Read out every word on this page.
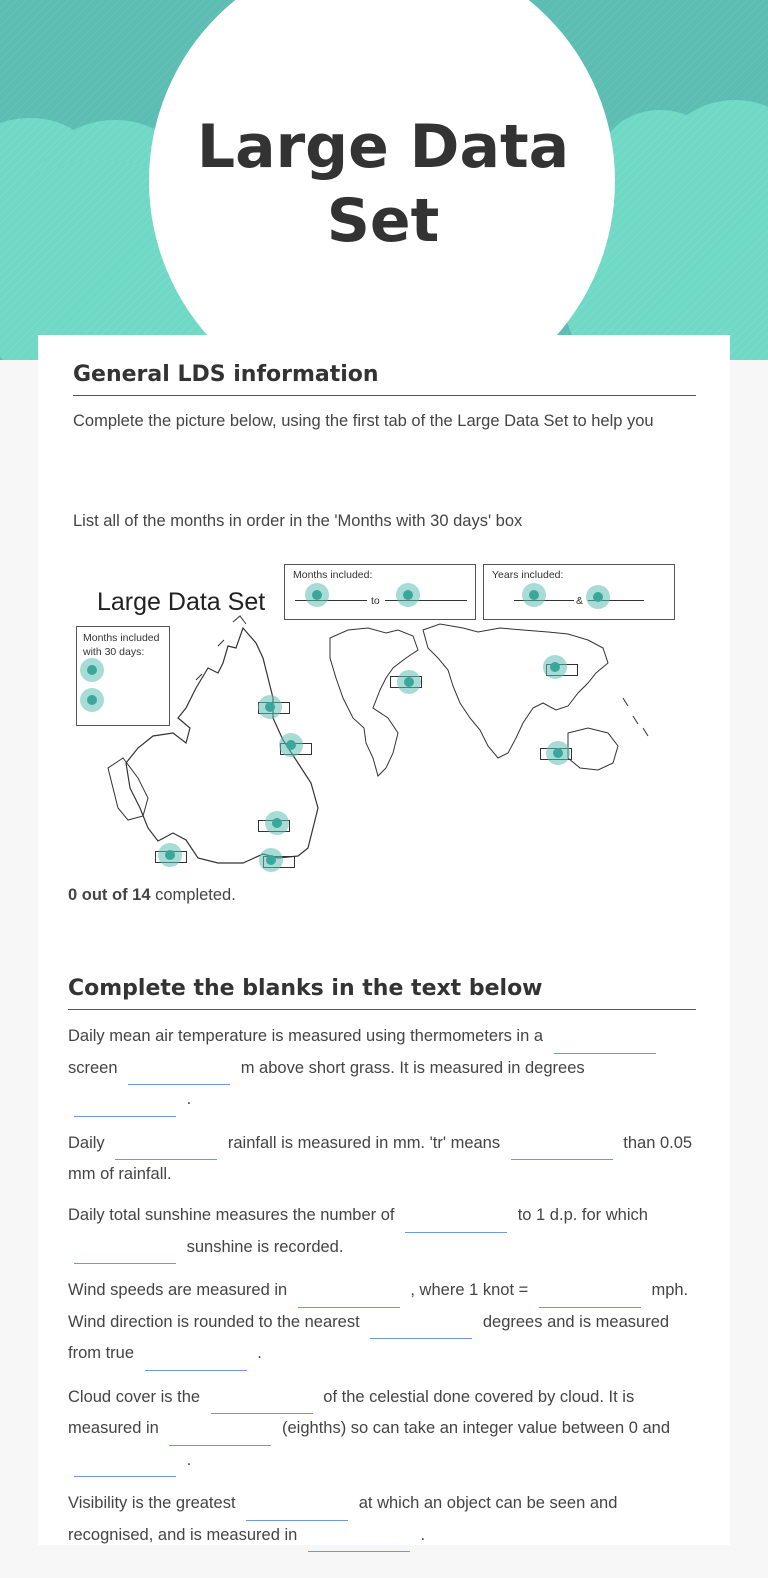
Large Data Set
General LDS information

Complete the picture below, using the first tab of the Large Data Set to help you

List all of the months in order in the 'Months with 30 days' box

Large Data Set
Months included:
to
Years included:
&
Months included
with 30 days:

0 out of 14 completed.

Complete the blanks in the text below

Daily mean air temperature is measured using thermometers in a  screen	m above short grass. It is measured in degrees  .

Daily	rainfall is measured in mm. 'tr' means	than 0.05 mm of rainfall.

Daily total sunshine measures the number of	to 1 d.p. for which  sunshine is recorded.

Wind speeds are measured in	, where 1 knot =	mph. Wind direction is rounded to the nearest	degrees and is measured from true	.

Cloud cover is the	of the celestial done covered by cloud. It is measured in	(eighths) so can take an integer value between 0 and  .

Visibility is the greatest	at which an object can be seen and recognised, and is measured in	.
